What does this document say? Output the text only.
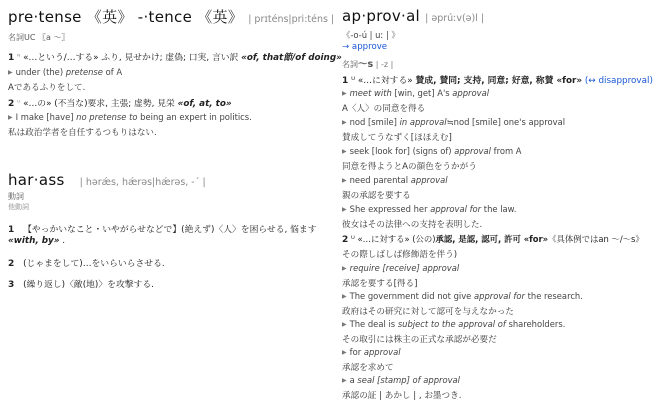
pre·tense 《英》 -·tence 《英》 | prɪténs|pri:téns |
名詞UC 〖a 〜〗
1 ᴺ «…という/…する» ふり, 見せかけ; 虚偽; 口実, 言い訳 «of, that節/of doing»
▶ under (the) pretense of A
Aであるふりをして.
2 ᵁ «…の» (不当な)要求, 主張; 虚勢, 見栄 «of, at, to»
▶ I make [have] no pretense to being an expert in politics.
私は政治学者を自任するつもりはない.
har·ass | hərǽs, hǽrəs|hǽrəs, -ˊ |
動詞
他動詞
1 【やっかいなこと・いやがらせなどで】(絶えず)〈人〉を困らせる, 悩ます
«with, by» .
2 (じゃまをして)…をいらいらさせる.
3 (繰り返し)〈敵(地)〉を攻撃する.
ap·prov·al | əprúːv(ə)l |
《-o-ú | uː | 》
→ approve
名詞〜s | -z |
1 ᵁ «…に対する» 賛成, 賛同; 支持, 同意; 好意, 称賛 «for» (↔ disapproval)
▶ meet with [win, get] A's approval
A〈人〉の同意を得る
▶ nod [smile] in approval≒nod [smile] one's approval
賛成してうなずく[ほほえむ]
▶ seek [look for] (signs of) approval from A
同意を得ようとAの顔色をうかがう
▶ need parental approval
親の承認を要する
▶ She expressed her approval for the law.
彼女はその法律への支持を表明した.
2 ᵁ «…に対する» (公の)承認, 是認, 認可, 許可 «for»《具体例ではan 〜/〜s》
その際しばしば修飾語を伴う)
▶ require [receive] approval
承認を要する[得る]
▶ The government did not give approval for the research.
政府はその研究に対して認可を与えなかった
▶ The deal is subject to the approval of shareholders.
その取引には株主の正式な承認が必要だ
▶ for approval
承認を求めて
▶ a seal [stamp] of approval
承認の証 | あかし | , お墨つき.
